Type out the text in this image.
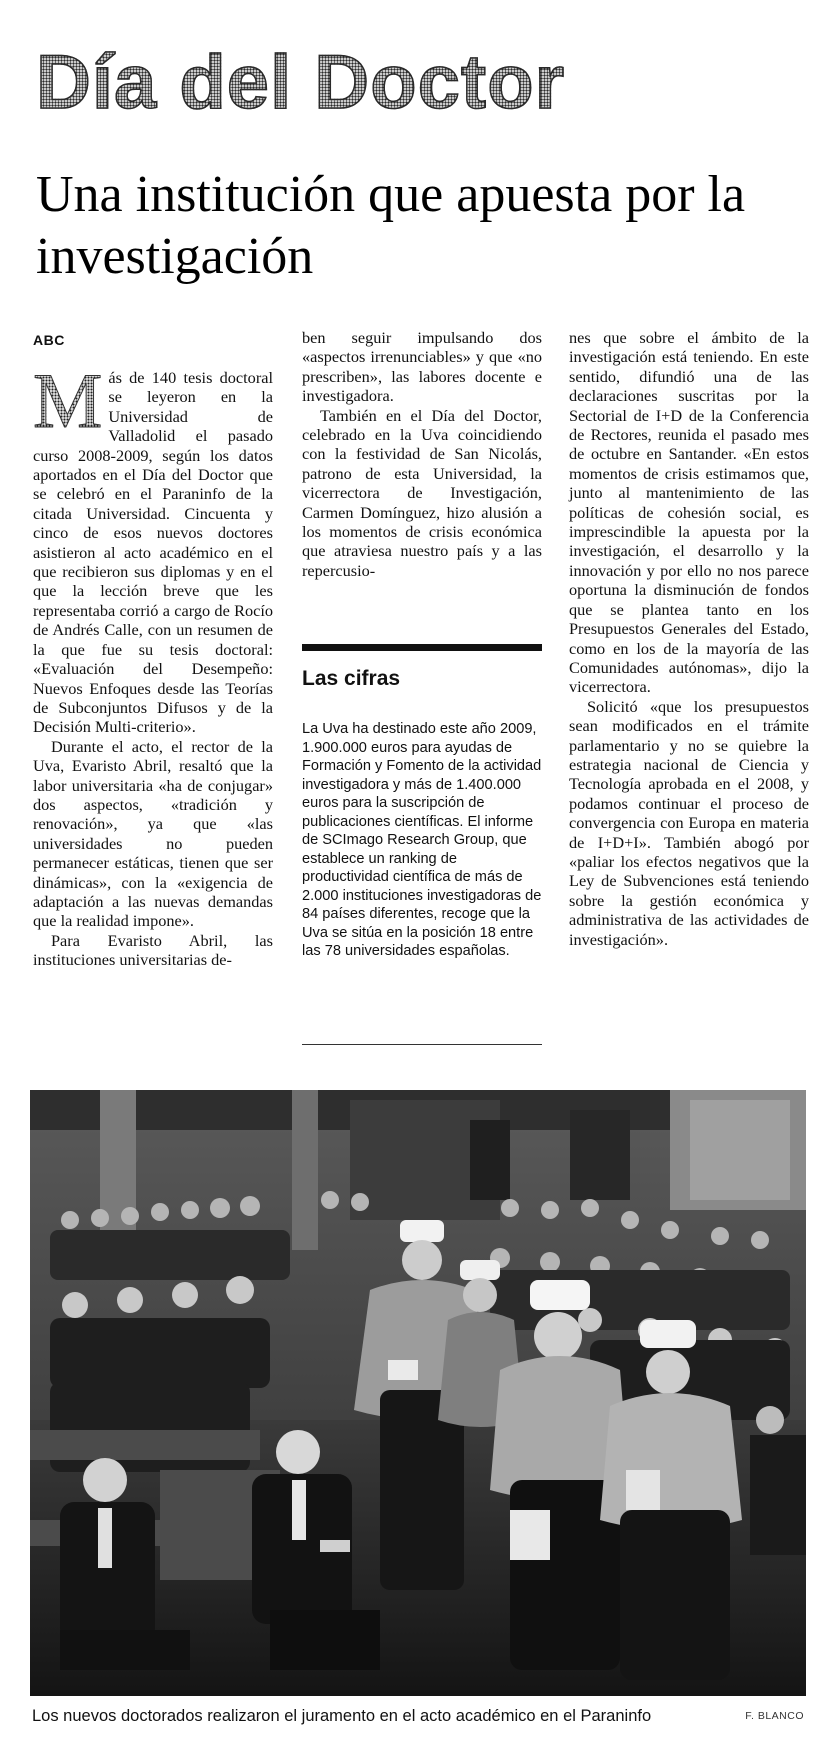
Día del Doctor
Una institución que apuesta por la investigación
ABC

M ás de 140 tesis doctoral se leyeron en la Universidad de Valladolid el pasado curso 2008-2009, según los datos aportados en el Día del Doctor que se celebró en el Paraninfo de la citada Universidad. Cincuenta y cinco de esos nuevos doctores asistieron al acto académico en el que recibieron sus diplomas y en el que la lección breve que les representaba corrió a cargo de Rocío de Andrés Calle, con un resumen de la que fue su tesis doctoral: «Evaluación del Desempeño: Nuevos Enfoques desde las Teorías de Subconjuntos Difusos y de la Decisión Multi-criterio».

Durante el acto, el rector de la Uva, Evaristo Abril, resaltó que la labor universitaria «ha de conjugar» dos aspectos, «tradición y renovación», ya que «las universidades no pueden permanecer estáticas, tienen que ser dinámicas», con la «exigencia de adaptación a las nuevas demandas que la realidad impone».

Para Evaristo Abril, las instituciones universitarias de-

ben seguir impulsando dos «aspectos irrenunciables» y que «no prescriben», las labores docente e investigadora.

También en el Día del Doctor, celebrado en la Uva coincidiendo con la festividad de San Nicolás, patrono de esta Universidad, la vicerrectora de Investigación, Carmen Domínguez, hizo alusión a los momentos de crisis económica que atraviesa nuestro país y a las repercusio-

Las cifras

La Uva ha destinado este año 2009, 1.900.000 euros para ayudas de Formación y Fomento de la actividad investigadora y más de 1.400.000 euros para la suscripción de publicaciones científicas. El informe de SCImago Research Group, que establece un ranking de productividad científica de más de 2.000 instituciones investigadoras de 84 países diferentes, recoge que la Uva se sitúa en la posición 18 entre las 78 universidades españolas.

nes que sobre el ámbito de la investigación está teniendo. En este sentido, difundió una de las declaraciones suscritas por la Sectorial de I+D de la Conferencia de Rectores, reunida el pasado mes de octubre en Santander. «En estos momentos de crisis estimamos que, junto al mantenimiento de las políticas de cohesión social, es imprescindible la apuesta por la investigación, el desarrollo y la innovación y por ello no nos parece oportuna la disminución de fondos que se plantea tanto en los Presupuestos Generales del Estado, como en los de la mayoría de las Comunidades autónomas», dijo la vicerrectora.

Solicitó «que los presupuestos sean modificados en el trámite parlamentario y no se quiebre la estrategia nacional de Ciencia y Tecnología aprobada en el 2008, y podamos continuar el proceso de convergencia con Europa en materia de I+D+I». También abogó por «paliar los efectos negativos que la Ley de Subvenciones está teniendo sobre la gestión económica y administrativa de las actividades de investigación».

Los nuevos doctorados realizaron el juramento en el acto académico en el Paraninfo	F. BLANCO
